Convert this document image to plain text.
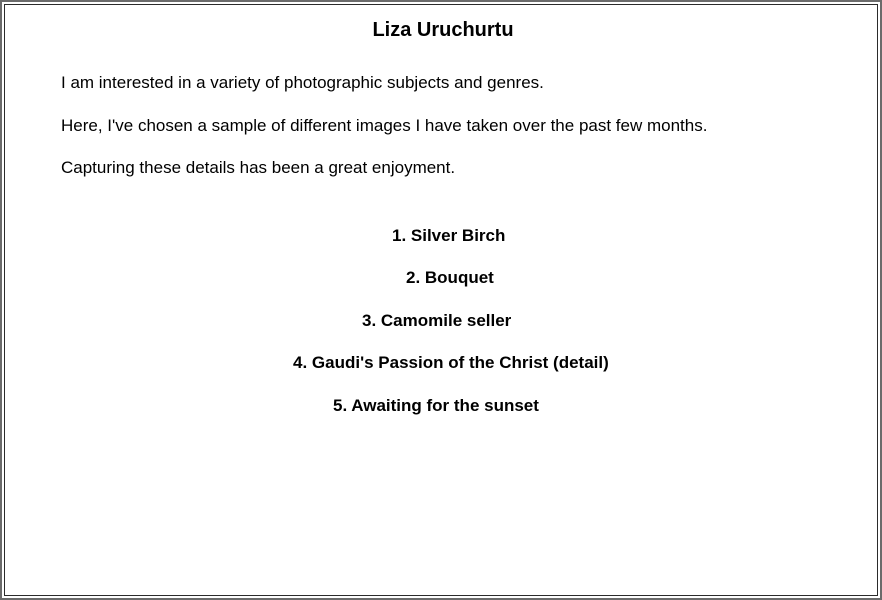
Liza Uruchurtu

I am interested in a variety of photographic subjects and genres.

Here, I've chosen a sample of different images I have taken over the past few months.

Capturing these details has been a great enjoyment.

1. Silver Birch

2. Bouquet

3. Camomile seller

4. Gaudi's Passion of the Christ (detail)

5. Awaiting for the sunset
